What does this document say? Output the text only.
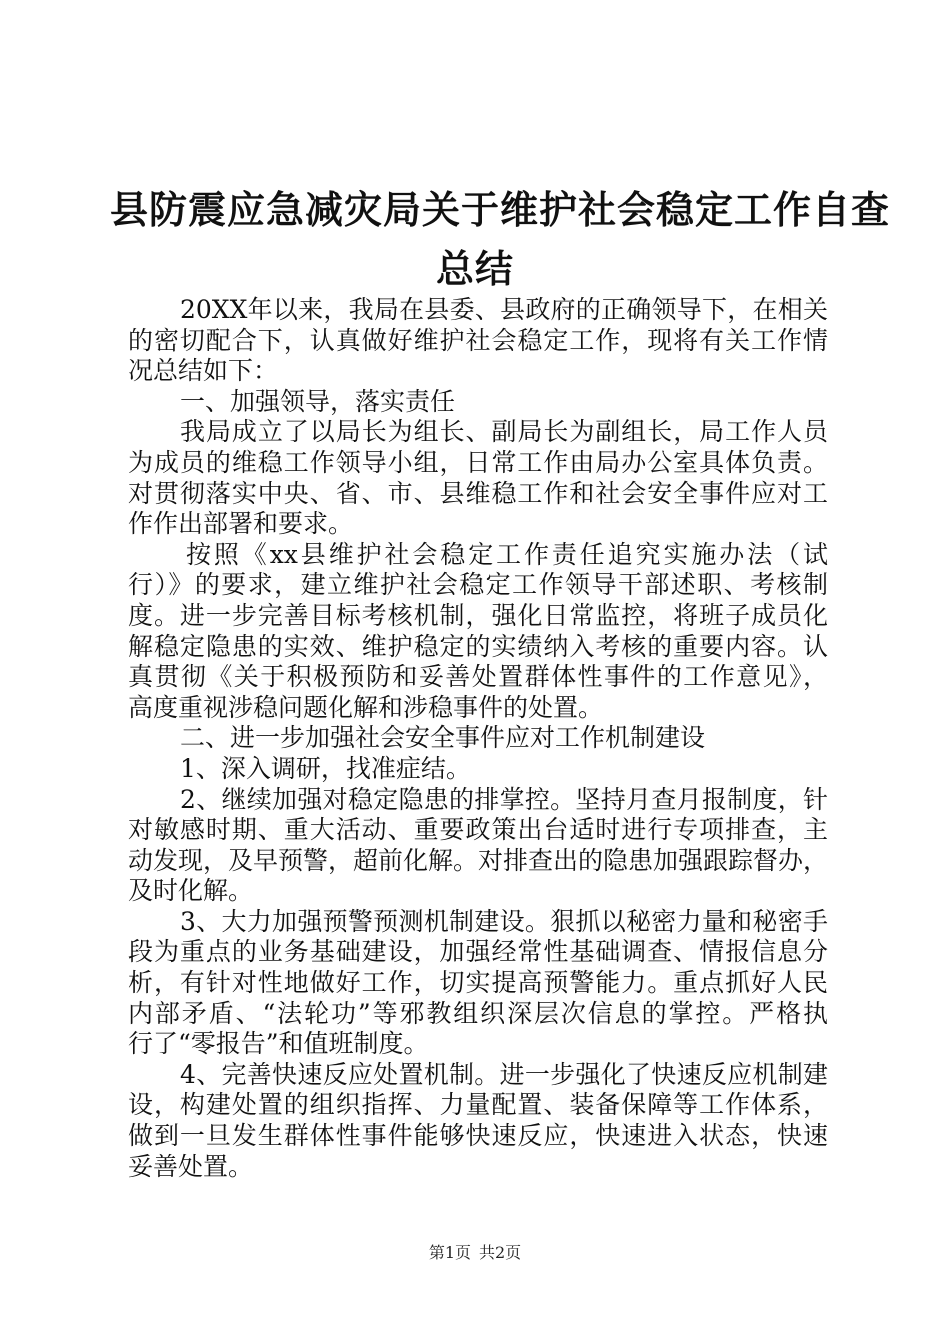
县防震应急减灾局关于维护社会稳定工作自查
总结
20XX年以来，我局在县委、县政府的正确领导下，在相关
的密切配合下，认真做好维护社会稳定工作，现将有关工作情
况总结如下：
一、加强领导，落实责任
我局成立了以局长为组长、副局长为副组长，局工作人员
为成员的维稳工作领导小组，日常工作由局办公室具体负责。
对贯彻落实中央、省、市、县维稳工作和社会安全事件应对工
作作出部署和要求。
按照《xx县维护社会稳定工作责任追究实施办法（试
行）》的要求，建立维护社会稳定工作领导干部述职、考核制
度。进一步完善目标考核机制，强化日常监控，将班子成员化
解稳定隐患的实效、维护稳定的实绩纳入考核的重要内容。认
真贯彻《关于积极预防和妥善处置群体性事件的工作意见》，
高度重视涉稳问题化解和涉稳事件的处置。
二、进一步加强社会安全事件应对工作机制建设
1、深入调研，找准症结。
2、继续加强对稳定隐患的排掌控。坚持月查月报制度，针
对敏感时期、重大活动、重要政策出台适时进行专项排查，主
动发现，及早预警，超前化解。对排查出的隐患加强跟踪督办，
及时化解。
3、大力加强预警预测机制建设。狠抓以秘密力量和秘密手
段为重点的业务基础建设，加强经常性基础调查、情报信息分
析，有针对性地做好工作，切实提高预警能力。重点抓好人民
内部矛盾、“法轮功”等邪教组织深层次信息的掌控。严格执
行了“零报告”和值班制度。
4、完善快速反应处置机制。进一步强化了快速反应机制建
设，构建处置的组织指挥、力量配置、装备保障等工作体系，
做到一旦发生群体性事件能够快速反应，快速进入状态，快速
妥善处置。
第1页 共2页
